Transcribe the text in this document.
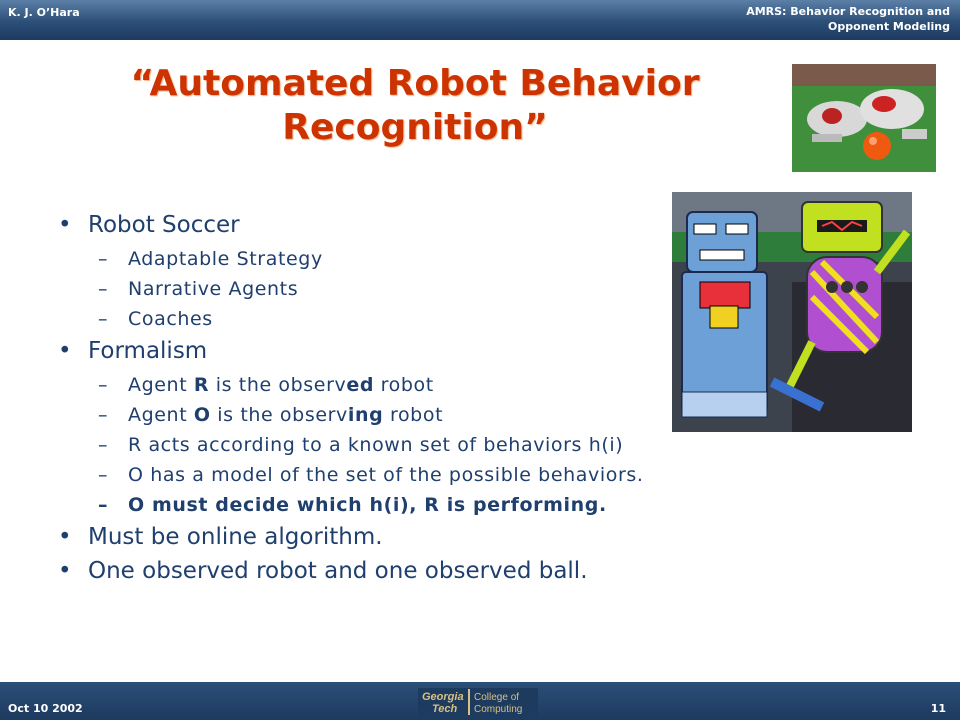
K. J. O’Hara	AMRS: Behavior Recognition and
Opponent Modeling
“Automated Robot Behavior
Recognition”
• Robot Soccer
– Adaptable Strategy
– Narrative Agents
– Coaches
• Formalism
– Agent R is the observed robot
– Agent O is the observing robot
– R acts according to a known set of behaviors h(i)
– O has a model of the set of the possible behaviors.
– O must decide which h(i), R is performing.
• Must be online algorithm.
• One observed robot and one observed ball.
Oct 10 2002
Georgia
Tech
College of
Computing	11
